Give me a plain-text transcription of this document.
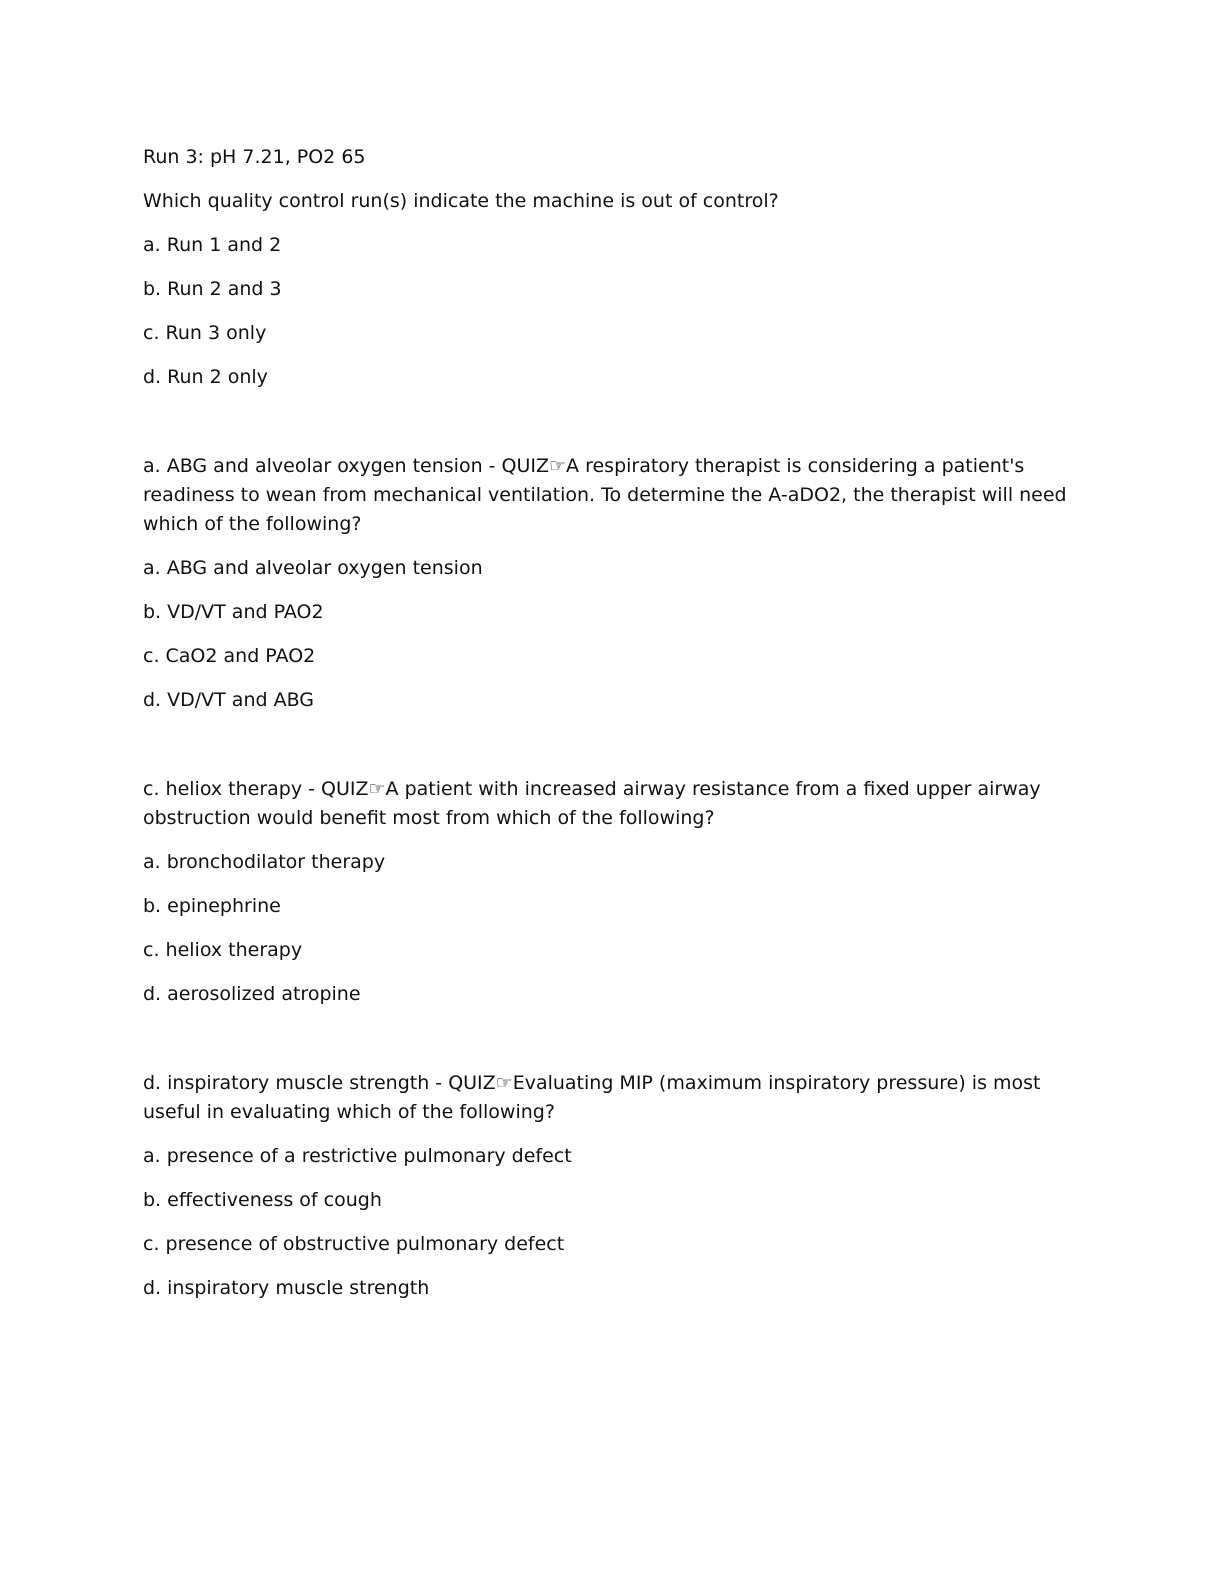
Run 3: pH 7.21, PO2 65

Which quality control run(s) indicate the machine is out of control?

a. Run 1 and 2

b. Run 2 and 3

c. Run 3 only

d. Run 2 only

a. ABG and alveolar oxygen tension - QUIZ☞A respiratory therapist is considering a patient's readiness to wean from mechanical ventilation. To determine the A-aDO2, the therapist will need which of the following?

a. ABG and alveolar oxygen tension

b. VD/VT and PAO2

c. CaO2 and PAO2

d. VD/VT and ABG

c. heliox therapy - QUIZ☞A patient with increased airway resistance from a fixed upper airway obstruction would benefit most from which of the following?

a. bronchodilator therapy

b. epinephrine

c. heliox therapy

d. aerosolized atropine

d. inspiratory muscle strength - QUIZ☞Evaluating MIP (maximum inspiratory pressure) is most useful in evaluating which of the following?

a. presence of a restrictive pulmonary defect

b. effectiveness of cough

c. presence of obstructive pulmonary defect

d. inspiratory muscle strength
